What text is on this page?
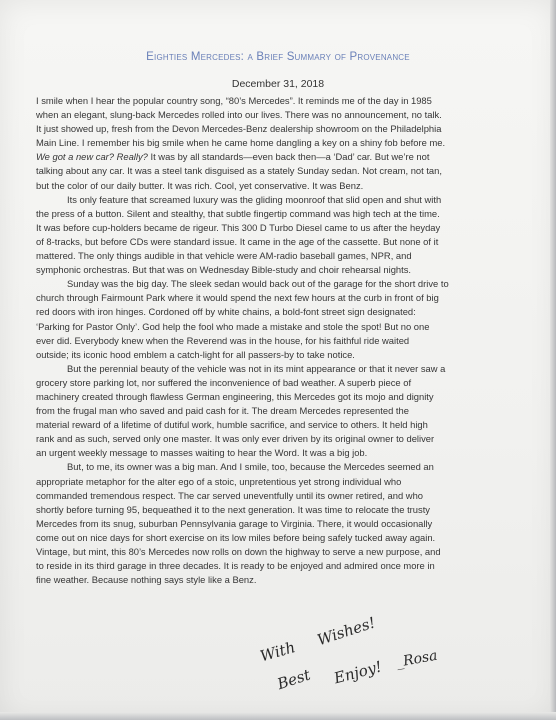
Eighties Mercedes: a Brief Summary of Provenance
December 31, 2018
I smile when I hear the popular country song, “80’s Mercedes”. It reminds me of the day in 1985
when an elegant, slung-back Mercedes rolled into our lives. There was no announcement, no talk.
It just showed up, fresh from the Devon Mercedes-Benz dealership showroom on the Philadelphia
Main Line. I remember his big smile when he came home dangling a key on a shiny fob before me.
We got a new car? Really? It was by all standards—even back then—a ‘Dad’ car. But we’re not
talking about any car. It was a steel tank disguised as a stately Sunday sedan. Not cream, not tan,
but the color of our daily butter. It was rich. Cool, yet conservative. It was Benz.
Its only feature that screamed luxury was the gliding moonroof that slid open and shut with
the press of a button. Silent and stealthy, that subtle fingertip command was high tech at the time.
It was before cup-holders became de rigeur. This 300 D Turbo Diesel came to us after the heyday
of 8-tracks, but before CDs were standard issue. It came in the age of the cassette. But none of it
mattered. The only things audible in that vehicle were AM-radio baseball games, NPR, and
symphonic orchestras. But that was on Wednesday Bible-study and choir rehearsal nights.
Sunday was the big day. The sleek sedan would back out of the garage for the short drive to
church through Fairmount Park where it would spend the next few hours at the curb in front of big
red doors with iron hinges. Cordoned off by white chains, a bold-font street sign designated:
‘Parking for Pastor Only’. God help the fool who made a mistake and stole the spot! But no one
ever did. Everybody knew when the Reverend was in the house, for his faithful ride waited
outside; its iconic hood emblem a catch-light for all passers-by to take notice.
But the perennial beauty of the vehicle was not in its mint appearance or that it never saw a
grocery store parking lot, nor suffered the inconvenience of bad weather. A superb piece of
machinery created through flawless German engineering, this Mercedes got its mojo and dignity
from the frugal man who saved and paid cash for it. The dream Mercedes represented the
material reward of a lifetime of dutiful work, humble sacrifice, and service to others. It held high
rank and as such, served only one master. It was only ever driven by its original owner to deliver
an urgent weekly message to masses waiting to hear the Word. It was a big job.
But, to me, its owner was a big man. And I smile, too, because the Mercedes seemed an
appropriate metaphor for the alter ego of a stoic, unpretentious yet strong individual who
commanded tremendous respect. The car served uneventfully until its owner retired, and who
shortly before turning 95, bequeathed it to the next generation. It was time to relocate the trusty
Mercedes from its snug, suburban Pennsylvania garage to Virginia. There, it would occasionally
come out on nice days for short exercise on its low miles before being safely tucked away again.
Vintage, but mint, this 80’s Mercedes now rolls on down the highway to serve a new purpose, and
to reside in its third garage in three decades. It is ready to be enjoyed and admired once more in
fine weather. Because nothing says style like a Benz.
With
Best
Wishes!
Enjoy! _Rosa
